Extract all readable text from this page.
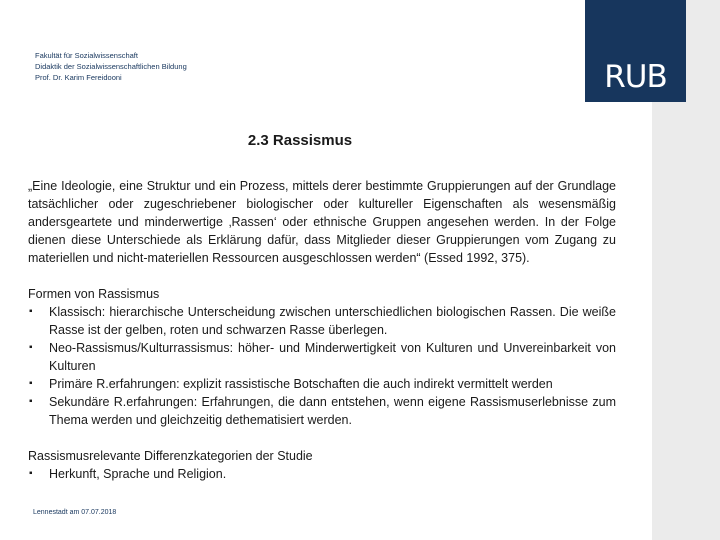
Fakultät für Sozialwissenschaft
Didaktik der Sozialwissenschaftlichen Bildung
Prof. Dr. Karim Fereidooni
2.3 Rassismus

„Eine Ideologie, eine Struktur und ein Prozess, mittels derer bestimmte Gruppierungen auf der Grundlage tatsächlicher oder zugeschriebener biologischer oder kultureller Eigenschaften als wesensmäßig andersgeartete und minderwertige ‚Rassen‘ oder ethnische Gruppen angesehen werden. In der Folge dienen diese Unterschiede als Erklärung dafür, dass Mitglieder dieser Gruppierungen vom Zugang zu materiellen und nicht-materiellen Ressourcen ausgeschlossen werden“ (Essed 1992, 375).

Formen von Rassismus
▪ Klassisch: hierarchische Unterscheidung zwischen unterschiedlichen biologischen Rassen. Die weiße Rasse ist der gelben, roten und schwarzen Rasse überlegen.
▪ Neo-Rassismus/Kulturrassismus: höher- und Minderwertigkeit von Kulturen und Unvereinbarkeit von Kulturen
▪ Primäre R.erfahrungen: explizit rassistische Botschaften die auch indirekt vermittelt werden
▪ Sekundäre R.erfahrungen: Erfahrungen, die dann entstehen, wenn eigene Rassismuserlebnisse zum Thema werden und gleichzeitig dethematisiert werden.
Rassismusrelevante Differenzkategorien der Studie
▪ Herkunft, Sprache und Religion.
Lennestadt am 07.07.2018
RUB
